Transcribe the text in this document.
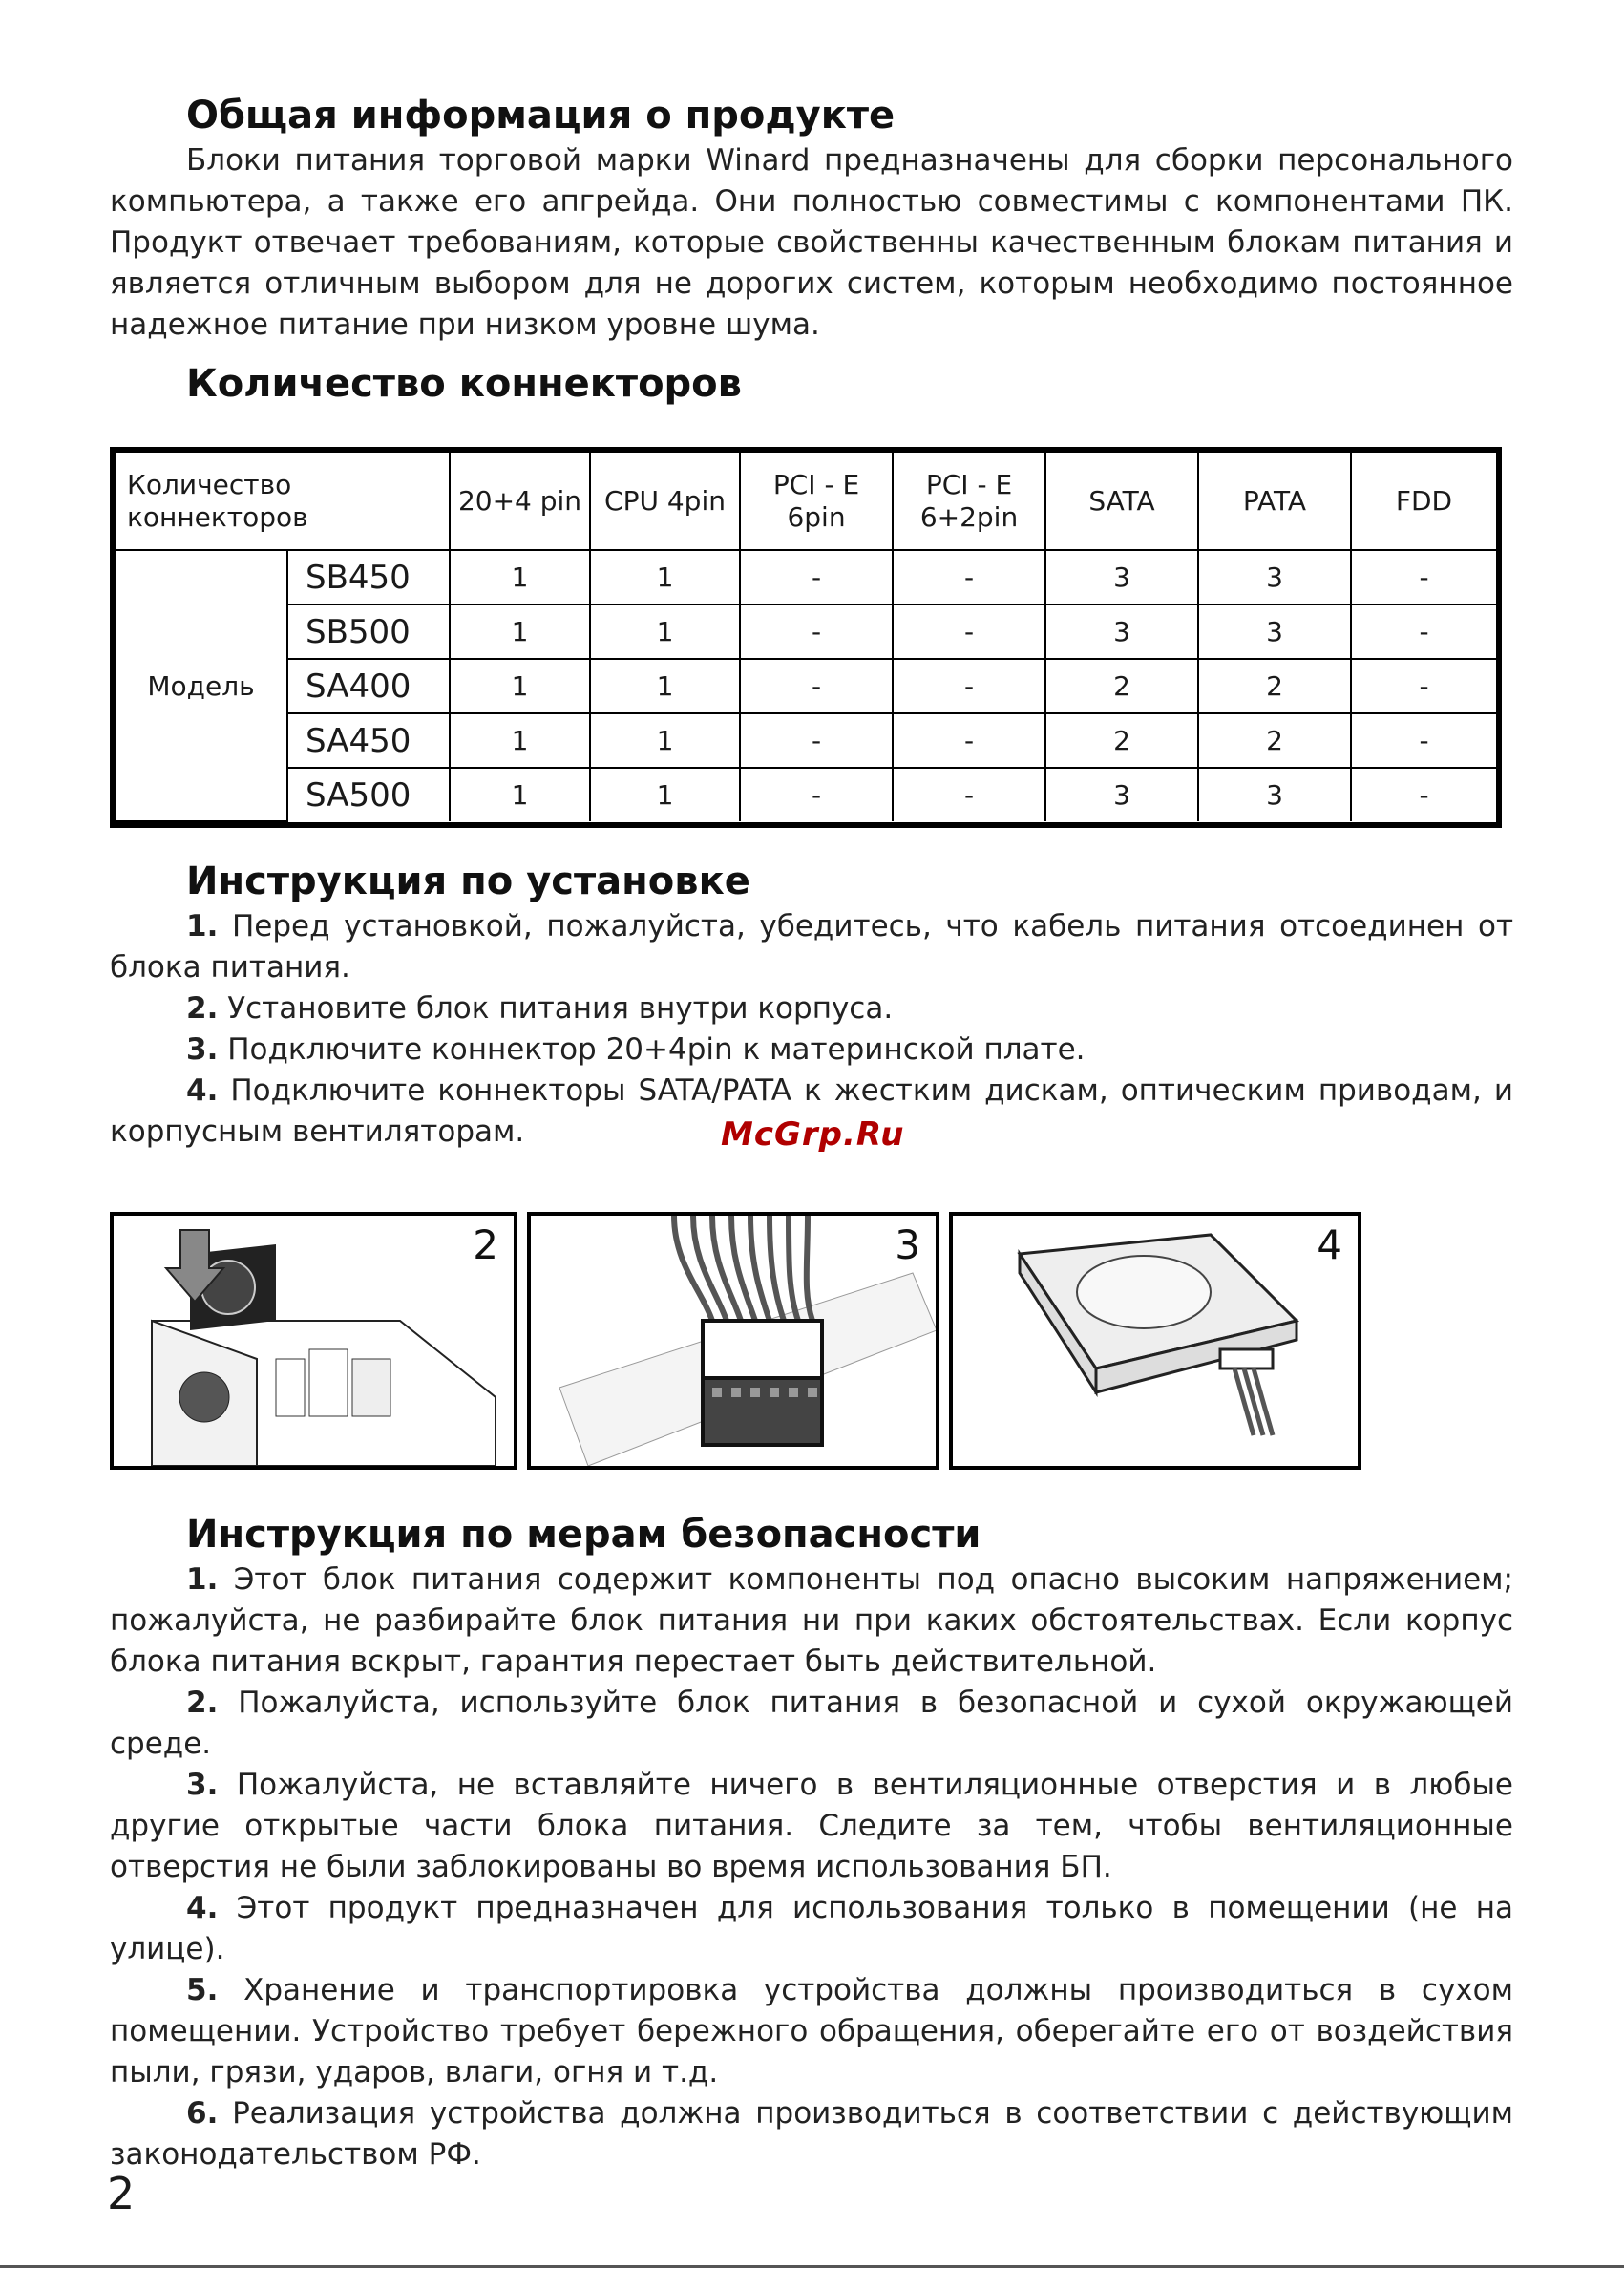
Общая информация о продукте

Блоки питания торговой марки Winard предназначены для сборки персонального компьютера, а также его апгрейда. Они полностью совместимы с компонентами ПК. Продукт отвечает требованиям, которые свойственны качественным блокам питания и является отличным выбором для не дорогих систем, которым необходимо постоянное надежное питание при низком уровне шума.

Количество коннекторов
Количество коннекторов		20+4 pin	CPU 4pin	PCI - E 6pin	PCI - E 6+2pin	SATA	PATA	FDD
Модель	SB450	1	1	-	-	3	3	-
	SB500	1	1	-	-	3	3	-
	SA400	1	1	-	-	2	2	-
	SA450	1	1	-	-	2	2	-
	SA500	1	1	-	-	3	3	-
Инструкция по установке

1. Перед установкой, пожалуйста, убедитесь, что кабель питания отсоединен от блока питания.

2. Установите блок питания внутри корпуса.

3. Подключите коннектор 20+4pin к материнской плате.

4. Подключите коннекторы SATA/PATA к жестким дискам, оптическим приводам, и корпусным вентиляторам.

2	3	4
Инструкция по мерам безопасности

1. Этот блок питания содержит компоненты под опасно высоким напряжением; пожалуйста, не разбирайте блок питания ни при каких обстоятельствах. Если корпус блока питания вскрыт, гарантия перестает быть действительной.

2. Пожалуйста, используйте блок питания в безопасной и сухой окружающей среде.

3. Пожалуйста, не вставляйте ничего в вентиляционные отверстия и в любые другие открытые части блока питания. Следите за тем, чтобы вентиляционные отверстия не были заблокированы во время использования БП.

4. Этот продукт предназначен для использования только в помещении (не на улице).

5. Хранение и транспортировка устройства должны производиться в сухом помещении. Устройство требует бережного обращения, оберегайте его от воздействия пыли, грязи, ударов, влаги, огня и т.д.

6. Реализация устройства должна производиться в соответствии с действующим законодательством РФ.

McGrp.Ru
2
